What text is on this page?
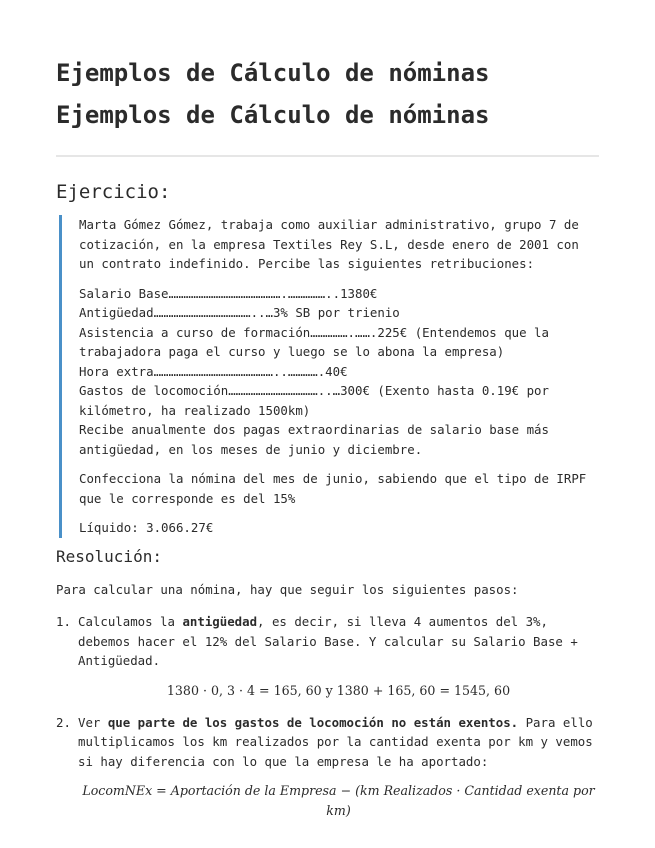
Ejemplos de Cálculo de nóminas
Ejemplos de Cálculo de nóminas
Ejercicio:

Marta Gómez Gómez, trabaja como auxiliar administrativo, grupo 7 de cotización, en la empresa Textiles Rey S.L, desde enero de 2001 con un contrato indefinido. Percibe las siguientes retribuciones:

Salario Base……………………………………….……………..1380€
Antigüedad…………………………………..…3% SB por trienio
Asistencia a curso de formación…………….…….225€ (Entendemos que la trabajadora paga el curso y luego se lo abona la empresa)
Hora extra…………………………………………..………….40€
Gastos de locomoción………………………………..…300€ (Exento hasta 0.19€ por kilómetro, ha realizado 1500km)
Recibe anualmente dos pagas extraordinarias de salario base más antigüedad, en los meses de junio y diciembre.

Confecciona la nómina del mes de junio, sabiendo que el tipo de IRPF que le corresponde es del 15%

Líquido: 3.066.27€

Resolución:

Para calcular una nómina, hay que seguir los siguientes pasos:

1. Calculamos la antigüedad, es decir, si lleva 4 aumentos del 3%, debemos hacer el 12% del Salario Base. Y calcular su Salario Base + Antigüedad.
1380 · 0, 3 · 4 = 165, 60 y 1380 + 165, 60 = 1545, 60
2. Ver que parte de los gastos de locomoción no están exentos. Para ello multiplicamos los km realizados por la cantidad exenta por km y vemos si hay diferencia con lo que la empresa le ha aportado:
LocomNEx = Aportación de la Empresa − (km Realizados · Cantidad exenta por km)
